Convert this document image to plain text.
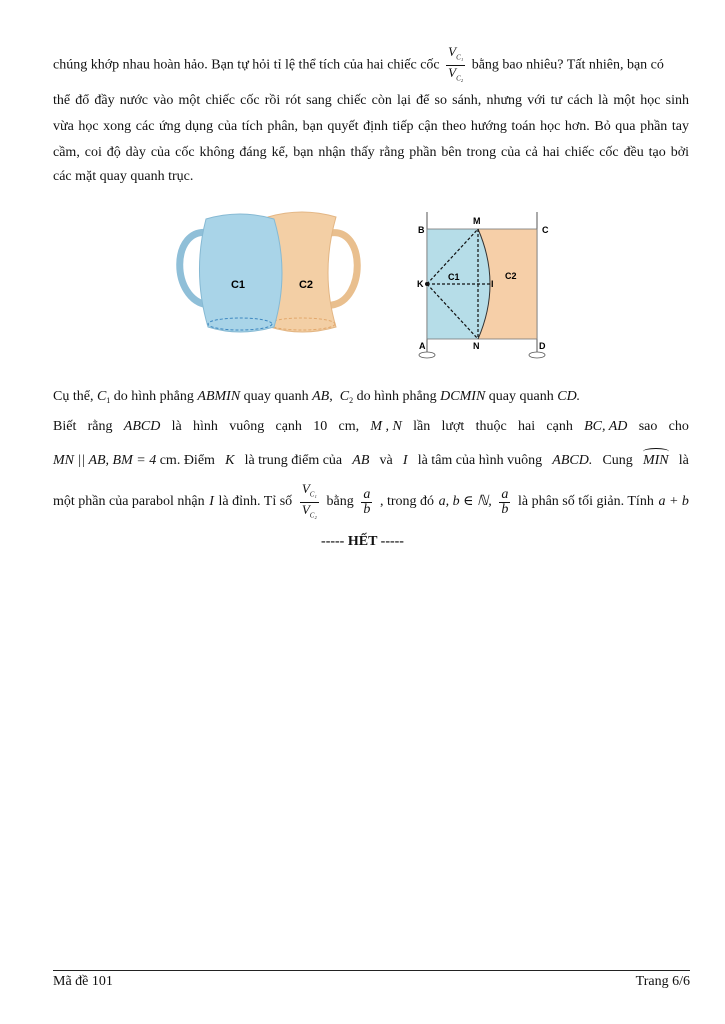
chúng khớp nhau hoàn hảo. Bạn tự hỏi tỉ lệ thể tích của hai chiếc cốc $\frac{V_{C_1}}{V_{C_2}}$ bằng bao nhiêu? Tất nhiên, bạn có
thể đổ đầy nước vào một chiếc cốc rồi rót sang chiếc còn lại để so sánh, nhưng với tư cách là một học sinh
vừa học xong các ứng dụng của tích phân, bạn quyết định tiếp cận theo hướng toán học hơn. Bỏ qua phần tay
cầm, coi độ dày của cốc không đáng kể, bạn nhận thấy rằng phần bên trong của cả hai chiếc cốc đều tạo bởi
các mặt quay quanh trục.
C1	C2
B
M
C
K	I
C1	C2
A	N	D
Cụ thể, $C_1$ do hình phẳng ABMIN quay quanh AB,  $C_2$ do hình phẳng DCMIN quay quanh CD.
Biết rằng ABCD là hình vuông cạnh 10 cm, M , N lần lượt thuộc hai cạnh BC, AD sao cho
MN || AB, BM = 4 cm. Điểm K là trung điểm của AB và I là tâm của hình vuông ABCD. Cung MIN là
một phần của parabol nhận I là đỉnh. Tỉ số $\frac{V_{C_1}}{V_{C_2}}$ bằng $\frac{a}{b}$ , trong đó a, b ∈ ℕ, $\frac{a}{b}$ là phân số tối giản. Tính a + b
----- HẾT -----
Mã đề 101	Trang 6/6
